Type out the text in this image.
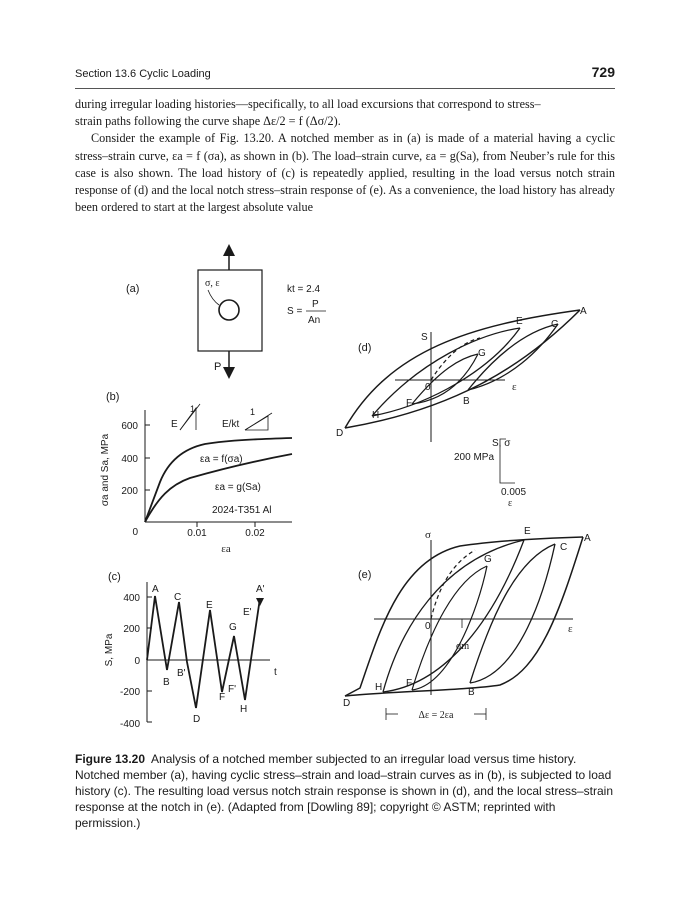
Section 13.6 Cyclic Loading	729

during irregular loading histories—specifically, to all load excursions that correspond to stress–
strain paths following the curve shape Δε/2 = f (Δσ/2).

Consider the example of Fig. 13.20. A notched member as in (a) is made of a material having a cyclic stress–strain curve, εa = f (σa), as shown in (b). The load–strain curve, εa = g(Sa), from Neuber’s rule for this case is also shown. The load history of (c) is repeatedly applied, resulting in the load versus notch strain response of (d) and the local notch stress–strain response of (e). As a convenience, the load history has already been ordered to start at the largest absolute value

(a)	σ, ε
P
kt = 2.4
S =
P
An
(b)
600
400
200
0	0.01	0.02
εa
σa and Sa, MPa
E
1
E/kt
1
εa = f(σa)
εa = g(Sa)
2024-T351 Al
(c)
400
200
0
-200
-400
S, MPa
t
A
B
C
B'
D
E
F
G
E'
F'
H
A'
(d)
S
ε
0
A
B
C
D
E
F
G
H
S, σ
200 MPa
0.005
ε
(e)
σ
ε
0
σm
A
B
C
D
E
F
G
H
Δε = 2εa
Figure 13.20 Analysis of a notched member subjected to an irregular load versus time history. Notched member (a), having cyclic stress–strain and load–strain curves as in (b), is subjected to load history (c). The resulting load versus notch strain response is shown in (d), and the local stress–strain response at the notch in (e). (Adapted from [Dowling 89]; copyright © ASTM; reprinted with permission.)
